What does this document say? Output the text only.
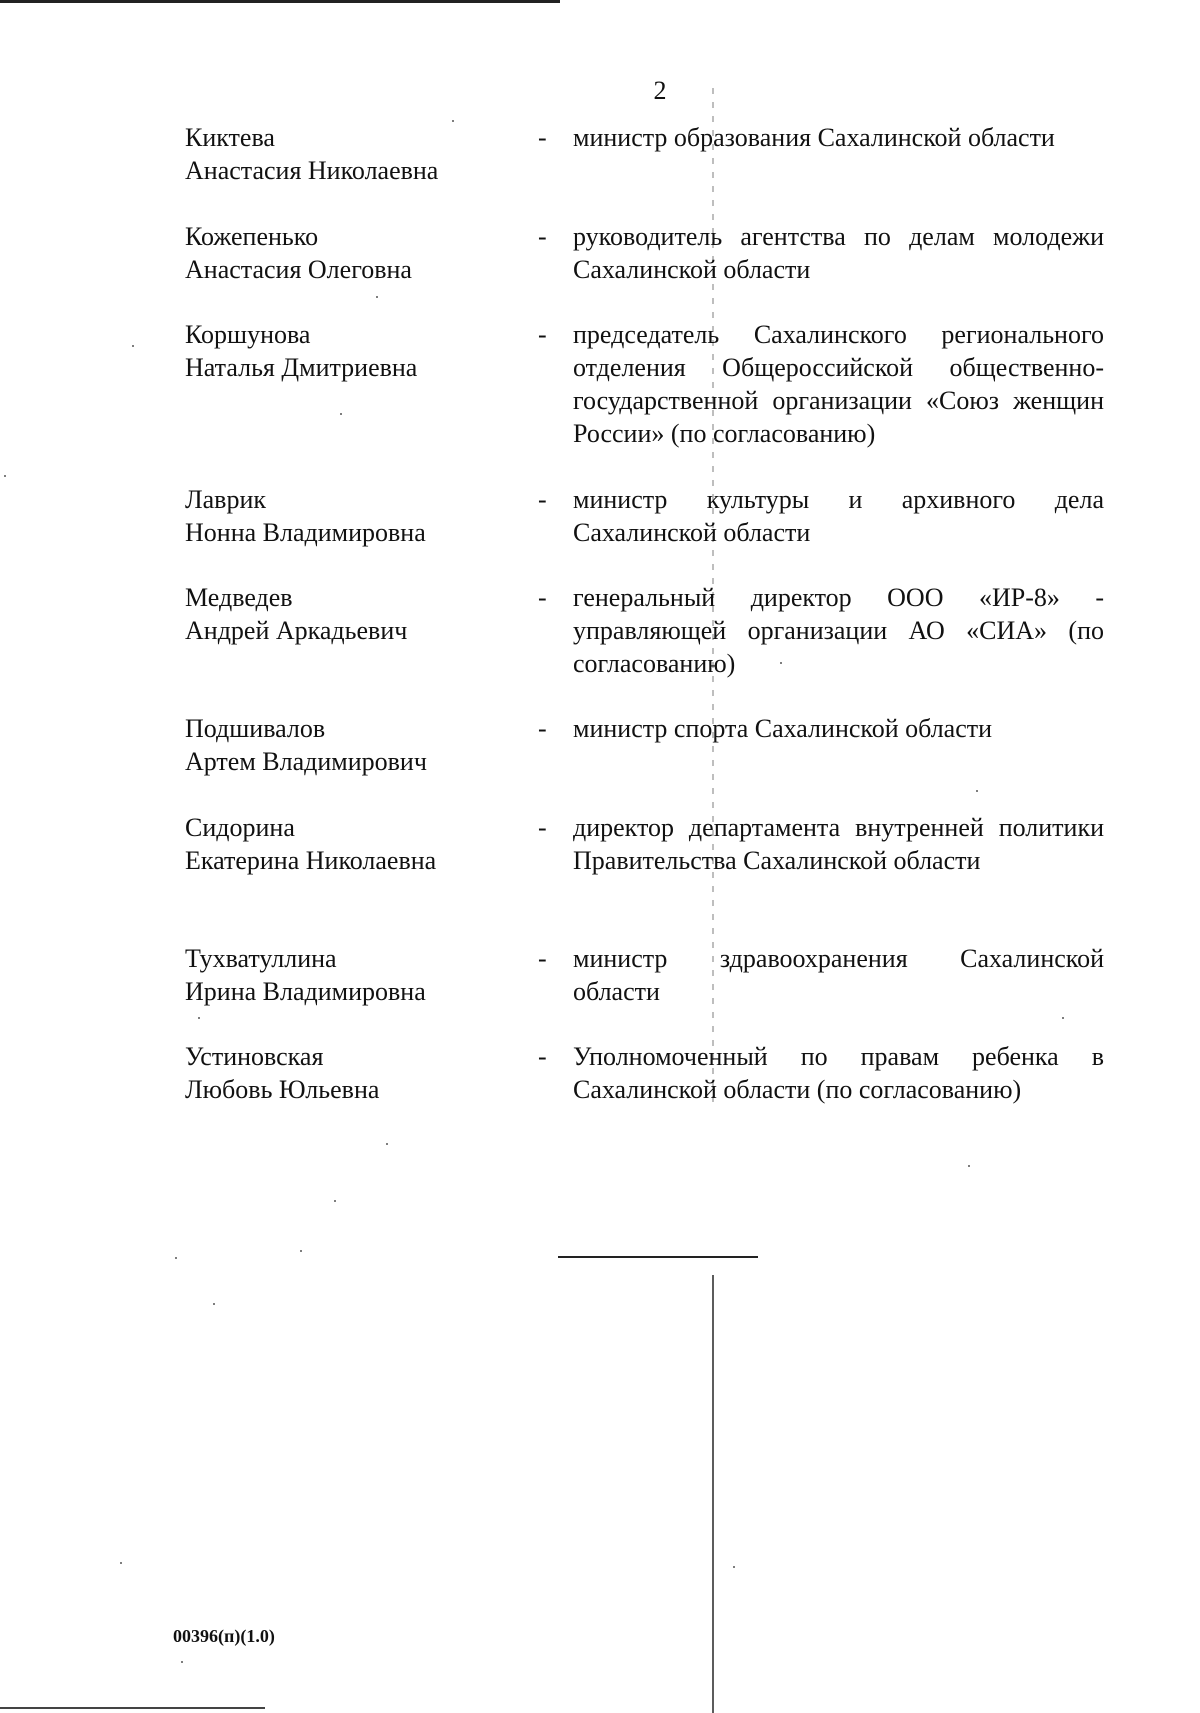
2
Киктева
Анастасия Николаевна
- министр образования Сахалинской области
Кожепенько
Анастасия Олеговна
- руководитель агентства по делам молодежи Сахалинской области
Коршунова
Наталья Дмитриевна
- председатель Сахалинского регионального отделения Общероссийской общественно-государственной организации «Союз женщин России» (по согласованию)
Лаврик
Нонна Владимировна
- министр культуры и архивного дела Сахалинской области
Медведев
Андрей Аркадьевич
- генеральный директор ООО «ИР-8» - управляющей организации АО «СИА» (по согласованию)
Подшивалов
Артем Владимирович
- министр спорта Сахалинской области
Сидорина
Екатерина Николаевна
- директор департамента внутренней политики Правительства Сахалинской области
Тухватуллина
Ирина Владимировна
- министр здравоохранения Сахалинской области
Устиновская
Любовь Юльевна
- Уполномоченный по правам ребенка в Сахалинской области (по согласованию)
00396(п)(1.0)
